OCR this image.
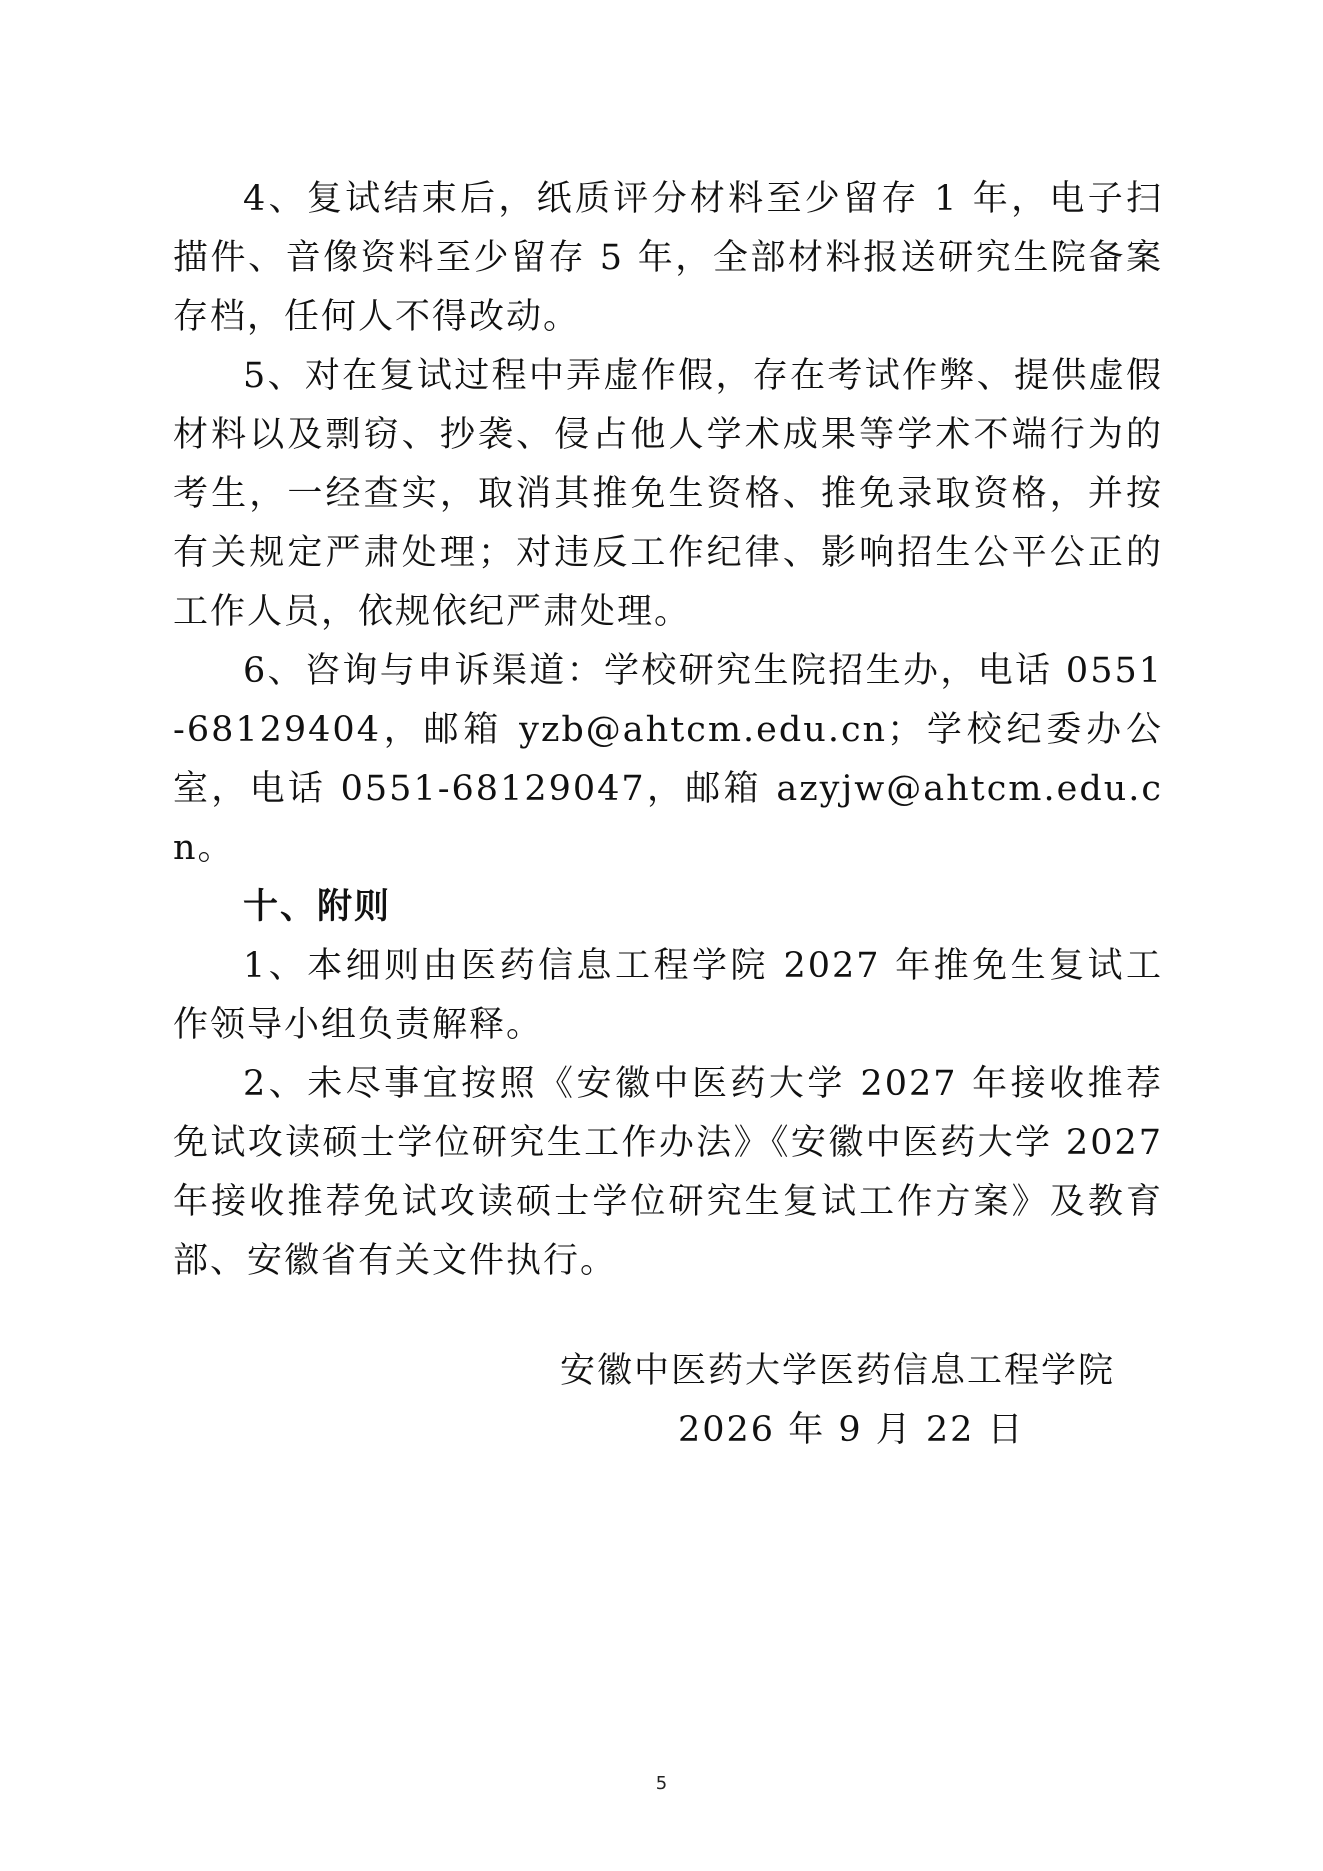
4、复试结束后，纸质评分材料至少留存 1 年，电子扫描件、音像资料至少留存 5 年，全部材料报送研究生院备案存档，任何人不得改动。

5、对在复试过程中弄虚作假，存在考试作弊、提供虚假材料以及剽窃、抄袭、侵占他人学术成果等学术不端行为的考生，一经查实，取消其推免生资格、推免录取资格，并按有关规定严肃处理；对违反工作纪律、影响招生公平公正的工作人员，依规依纪严肃处理。

6、咨询与申诉渠道：学校研究生院招生办，电话 0551-68129404，邮箱 yzb@ahtcm.edu.cn；学校纪委办公室，电话 0551-68129047，邮箱 azyjw@ahtcm.edu.cn。

十、附则

1、本细则由医药信息工程学院 2027 年推免生复试工作领导小组负责解释。

2、未尽事宜按照《安徽中医药大学 2027 年接收推荐免试攻读硕士学位研究生工作办法》《安徽中医药大学 2027 年接收推荐免试攻读硕士学位研究生复试工作方案》及教育部、安徽省有关文件执行。

安徽中医药大学医药信息工程学院

2026 年 9 月 22 日

5
